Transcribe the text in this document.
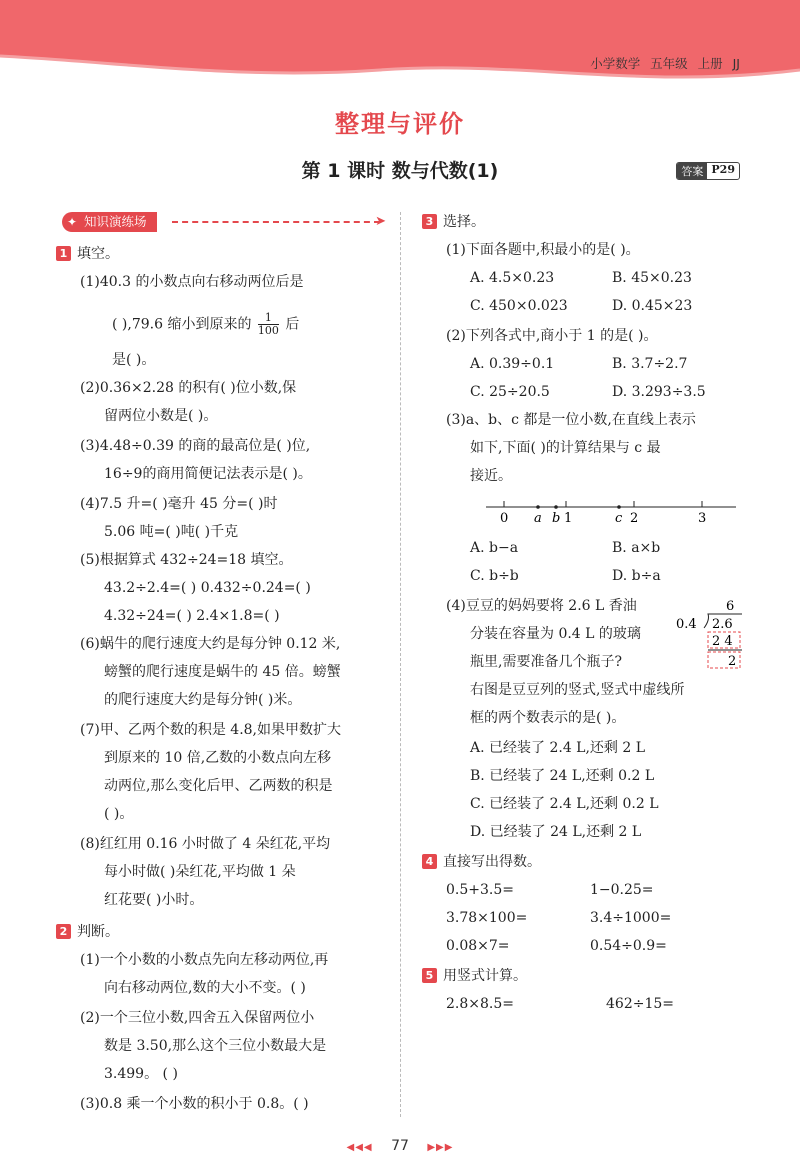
小学数学 五年级 上册 JJ
整理与评价
第 1 课时 数与代数(1)	答案 P29
✦ 知识演练场	➤
1 填空。
(1)40.3 的小数点向右移动两位后是
( ),79.6 缩小到原来的 $\frac{1}{100}$ 后
是( )。
(2)0.36×2.28 的积有( )位小数,保
留两位小数是( )。
(3)4.48÷0.39 的商的最高位是( )位,
16÷9的商用简便记法表示是( )。
(4)7.5 升=( )毫升 45 分=( )时
5.06 吨=( )吨( )千克
(5)根据算式 432÷24=18 填空。
43.2÷2.4=( ) 0.432÷0.24=( )
4.32÷24=( ) 2.4×1.8=( )
(6)蜗牛的爬行速度大约是每分钟 0.12 米,
螃蟹的爬行速度是蜗牛的 45 倍。螃蟹
的爬行速度大约是每分钟( )米。
(7)甲、乙两个数的积是 4.8,如果甲数扩大
到原来的 10 倍,乙数的小数点向左移
动两位,那么变化后甲、乙两数的积是
( )。
(8)红红用 0.16 小时做了 4 朵红花,平均
每小时做( )朵红花,平均做 1 朵
红花要( )小时。
2 判断。
(1)一个小数的小数点先向左移动两位,再
向右移动两位,数的大小不变。( )
(2)一个三位小数,四舍五入保留两位小
数是 3.50,那么这个三位小数最大是
3.499。 ( )
(3)0.8 乘一个小数的积小于 0.8。( )
3 选择。
(1)下面各题中,积最小的是( )。
A. 4.5×0.23	B. 45×0.23
C. 450×0.023	D. 0.45×23
(2)下列各式中,商小于 1 的是( )。
A. 0.39÷0.1	B. 3.7÷2.7
C. 25÷20.5	D. 3.293÷3.5
(3)a、b、c 都是一位小数,在直线上表示
如下,下面( )的计算结果与 c 最
接近。
0	1	2	3
a b	c
A. b−a	B. a×b
C. b÷b	D. b÷a
(4)豆豆的妈妈要将 2.6 L 香油
分装在容量为 0.4 L 的玻璃
瓶里,需要准备几个瓶子?
右图是豆豆列的竖式,竖式中虚线所
框的两个数表示的是( )。
6
0.4 2.6
2 4
2
A. 已经装了 2.4 L,还剩 2 L
B. 已经装了 24 L,还剩 0.2 L
C. 已经装了 2.4 L,还剩 0.2 L
D. 已经装了 24 L,还剩 2 L
4 直接写出得数。
0.5+3.5=	1−0.25=
3.78×100=	3.4÷1000=
0.08×7=	0.54÷0.9=
5 用竖式计算。
2.8×8.5=	462÷15=
◀◀◀ 77 ▶▶▶
